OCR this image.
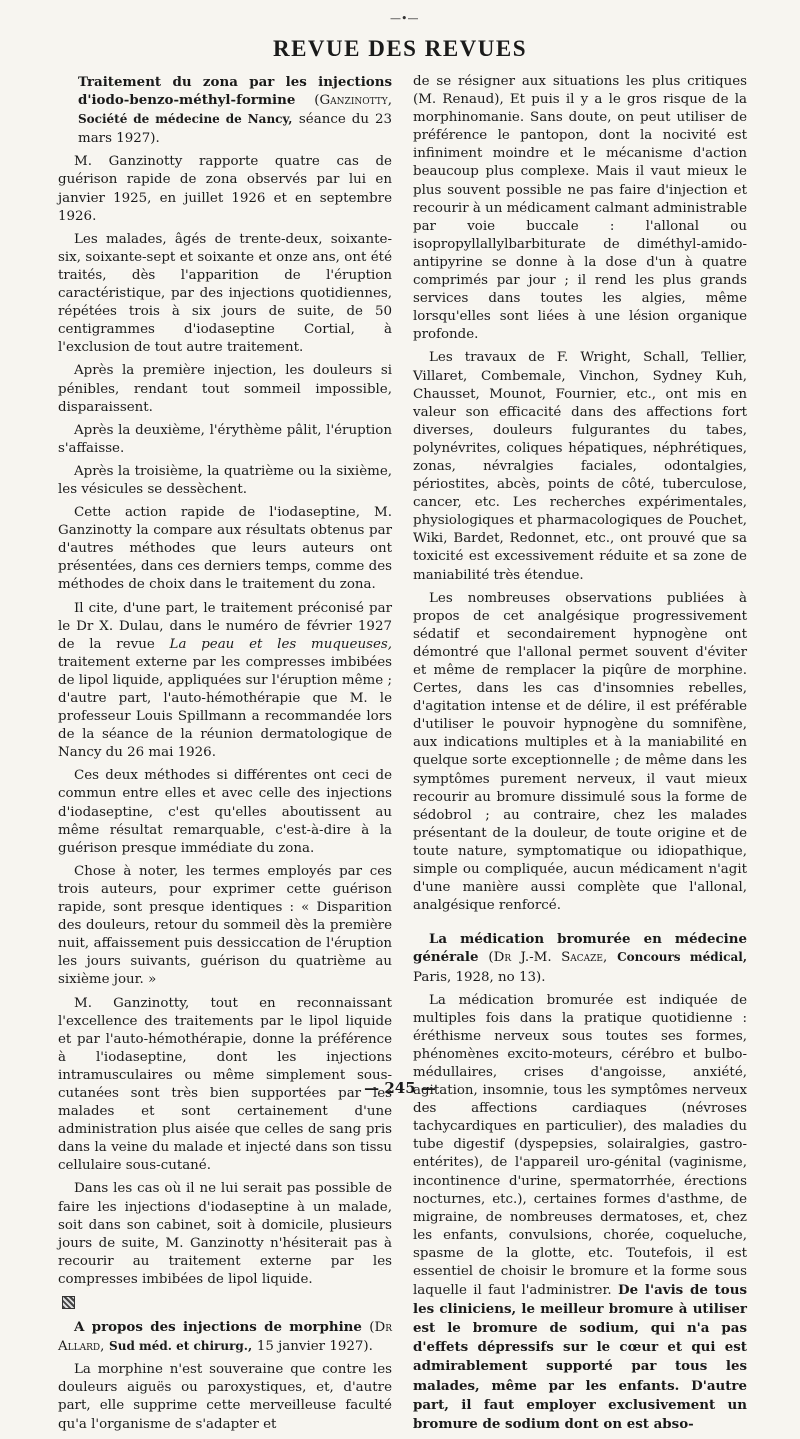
—•—
REVUE DES REVUES
Traitement du zona par les injections d'iodo-benzo-méthyl-formine (Ganzinotty, Société de médecine de Nancy, séance du 23 mars 1927).

M. Ganzinotty rapporte quatre cas de guérison rapide de zona observés par lui en janvier 1925, en juillet 1926 et en septembre 1926.

Les malades, âgés de trente-deux, soixante-six, soixante-sept et soixante et onze ans, ont été traités, dès l'apparition de l'éruption caractéristique, par des injections quotidiennes, répétées trois à six jours de suite, de 50 centigrammes d'iodaseptine Cortial, à l'exclusion de tout autre traitement.

Après la première injection, les douleurs si pénibles, rendant tout sommeil impossible, disparaissent.

Après la deuxième, l'érythème pâlit, l'éruption s'affaisse.

Après la troisième, la quatrième ou la sixième, les vésicules se dessèchent.

Cette action rapide de l'iodaseptine, M. Ganzinotty la compare aux résultats obtenus par d'autres méthodes que leurs auteurs ont présentées, dans ces derniers temps, comme des méthodes de choix dans le traitement du zona.

Il cite, d'une part, le traitement préconisé par le Dr X. Dulau, dans le numéro de février 1927 de la revue La peau et les muqueuses, traitement externe par les compresses imbibées de lipol liquide, appliquées sur l'éruption même ; d'autre part, l'auto-hémothérapie que M. le professeur Louis Spillmann a recommandée lors de la séance de la réunion dermatologique de Nancy du 26 mai 1926.

Ces deux méthodes si différentes ont ceci de commun entre elles et avec celle des injections d'iodaseptine, c'est qu'elles aboutissent au même résultat remarquable, c'est-à-dire à la guérison presque immédiate du zona.

Chose à noter, les termes employés par ces trois auteurs, pour exprimer cette guérison rapide, sont presque identiques : « Disparition des douleurs, retour du sommeil dès la première nuit, affaissement puis dessiccation de l'éruption les jours suivants, guérison du quatrième au sixième jour. »

M. Ganzinotty, tout en reconnaissant l'excellence des traitements par le lipol liquide et par l'auto-hémothérapie, donne la préférence à l'iodaseptine, dont les injections intramusculaires ou même simplement sous-cutanées sont très bien supportées par les malades et sont certainement d'une administration plus aisée que celles de sang pris dans la veine du malade et injecté dans son tissu cellulaire sous-cutané.

Dans les cas où il ne lui serait pas possible de faire les injections d'iodaseptine à un malade, soit dans son cabinet, soit à domicile, plusieurs jours de suite, M. Ganzinotty n'hésiterait pas à recourir au traitement externe par les compresses imbibées de lipol liquide.

A propos des injections de morphine (Dr Allard, Sud méd. et chirurg., 15 janvier 1927).

La morphine n'est souveraine que contre les douleurs aiguës ou paroxystiques, et, d'autre part, elle supprime cette merveilleuse faculté qu'a l'organisme de s'adapter et

de se résigner aux situations les plus critiques (M. Renaud), Et puis il y a le gros risque de la morphinomanie. Sans doute, on peut utiliser de préférence le pantopon, dont la nocivité est infiniment moindre et le mécanisme d'action beaucoup plus complexe. Mais il vaut mieux le plus souvent possible ne pas faire d'injection et recourir à un médicament calmant administrable par voie buccale : l'allonal ou isopropyllallylbarbiturate de diméthyl-amido-antipyrine se donne à la dose d'un à quatre comprimés par jour ; il rend les plus grands services dans toutes les algies, même lorsqu'elles sont liées à une lésion organique profonde.

Les travaux de F. Wright, Schall, Tellier, Villaret, Combemale, Vinchon, Sydney Kuh, Chausset, Mounot, Fournier, etc., ont mis en valeur son efficacité dans des affections fort diverses, douleurs fulgurantes du tabes, polynévrites, coliques hépatiques, néphrétiques, zonas, névralgies faciales, odontalgies, périostites, abcès, points de côté, tuberculose, cancer, etc. Les recherches expérimentales, physiologiques et pharmacologiques de Pouchet, Wiki, Bardet, Redonnet, etc., ont prouvé que sa toxicité est excessivement réduite et sa zone de maniabilité très étendue.

Les nombreuses observations publiées à propos de cet analgésique progressivement sédatif et secondairement hypnogène ont démontré que l'allonal permet souvent d'éviter et même de remplacer la piqûre de morphine. Certes, dans les cas d'insomnies rebelles, d'agitation intense et de délire, il est préférable d'utiliser le pouvoir hypnogène du somnifène, aux indications multiples et à la maniabilité en quelque sorte exceptionnelle ; de même dans les symptômes purement nerveux, il vaut mieux recourir au bromure dissimulé sous la forme de sédobrol ; au contraire, chez les malades présentant de la douleur, de toute origine et de toute nature, symptomatique ou idiopathique, simple ou compliquée, aucun médicament n'agit d'une manière aussi complète que l'allonal, analgésique renforcé.

La médication bromurée en médecine générale (Dr J.-M. Sacaze, Concours médical, Paris, 1928, no 13).

La médication bromurée est indiquée de multiples fois dans la pratique quotidienne : éréthisme nerveux sous toutes ses formes, phénomènes excito-moteurs, cérébro et bulbo-médullaires, crises d'angoisse, anxiété, agitation, insomnie, tous les symptômes nerveux des affections cardiaques (névroses tachycardiques en particulier), des maladies du tube digestif (dyspepsies, solairalgies, gastro-entérites), de l'appareil uro-génital (vaginisme, incontinence d'urine, spermatorrhée, érections nocturnes, etc.), certaines formes d'asthme, de migraine, de nombreuses dermatoses, et, chez les enfants, convulsions, chorée, coqueluche, spasme de la glotte, etc. Toutefois, il est essentiel de choisir le bromure et la forme sous laquelle il faut l'administrer. De l'avis de tous les cliniciens, le meilleur bromure à utiliser est le bromure de sodium, qui n'a pas d'effets dépressifs sur le cœur et qui est admirablement supporté par tous les malades, même par les enfants. D'autre part, il faut employer exclusivement un bromure de sodium dont on est abso-

— 245 —
